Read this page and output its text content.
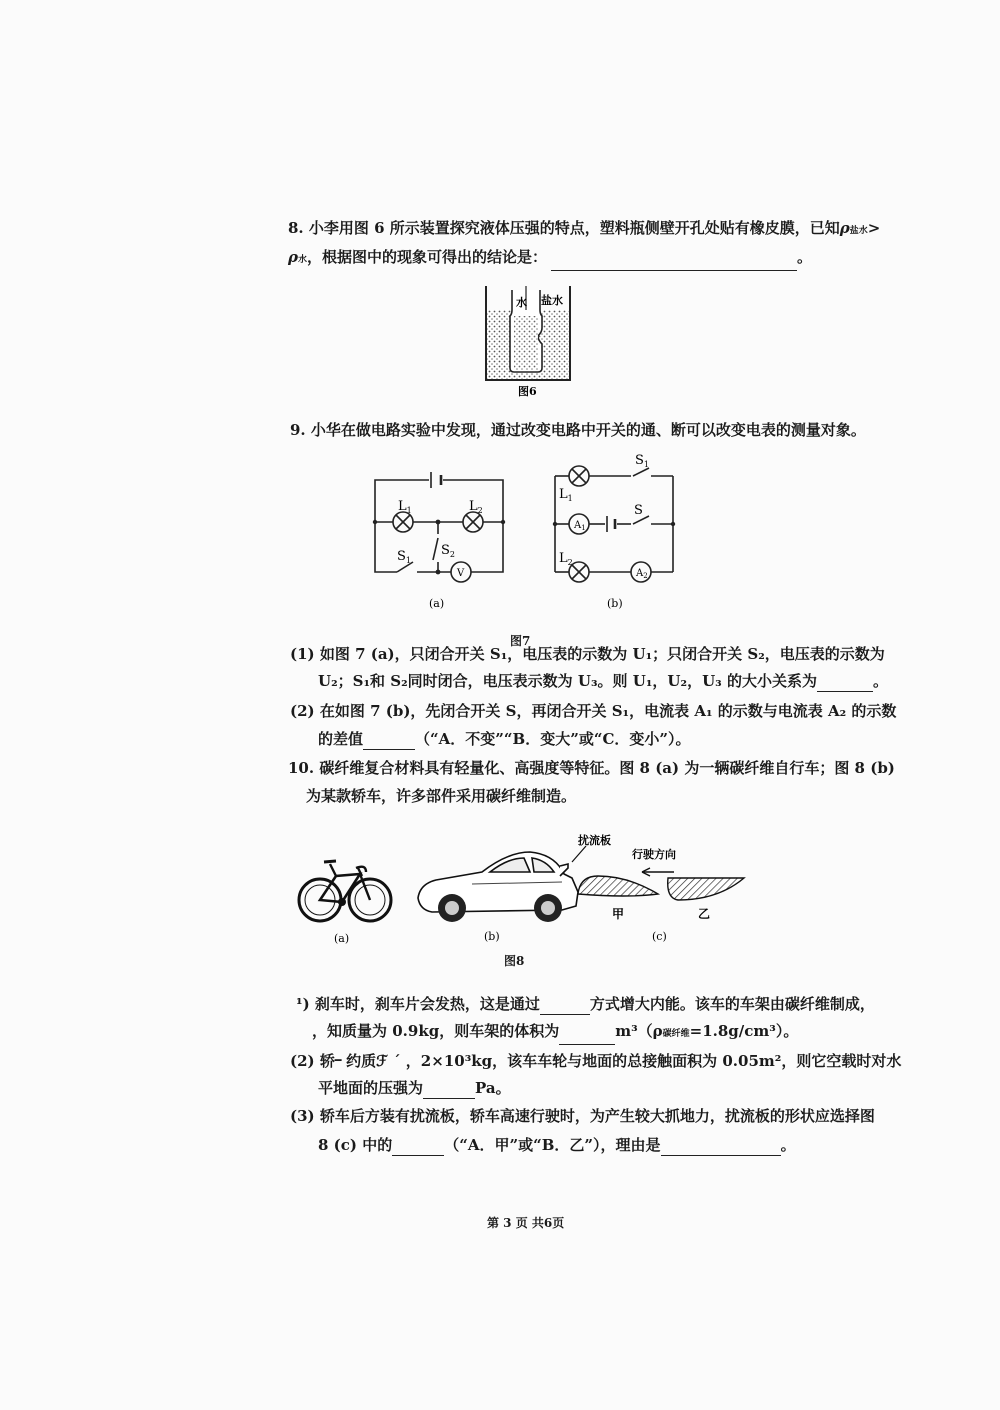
8. 小李用图 6 所示装置探究液体压强的特点，塑料瓶侧壁开孔处贴有橡皮膜，已知ρ盐水>
ρ水，根据图中的现象可得出的结论是：	。
水 盐水
图6
9. 小华在做电路实验中发现，通过改变电路中开关的通、断可以改变电表的测量对象。
$L_1$	$L_2$
$S_1$
$S_2$
V
(a)
$L_1$
$S_1$
S
$A_1$
$L_2$
$A_2$
(b)
图7
(1) 如图 7 (a)，只闭合开关 S₁，电压表的示数为 U₁；只闭合开关 S₂，电压表的示数为
U₂；S₁和 S₂同时闭合，电压表示数为 U₃。则 U₁，U₂，U₃ 的大小关系为	。
(2) 在如图 7 (b)，先闭合开关 S，再闭合开关 S₁，电流表 A₁ 的示数与电流表 A₂ 的示数
的差值	（“A．不变”“B．变大”或“C．变小”）。
10. 碳纤维复合材料具有轻量化、高强度等特征。图 8 (a) 为一辆碳纤维自行车；图 8 (b)
为某款轿车，许多部件采用碳纤维制造。
(a)
扰流板
(b)
行驶方向
甲	乙
(c)
图8
¹) 刹车时，刹车片会发热，这是通过	方式增大内能。该车的车架由碳纤维制成，
，知质量为 0.9kg，则车架的体积为	m³（ρ碳纤维=1.8g/cm³）。
(2) 轿᠆ 约质ℱ ˊ ，2×10³kg，该车车轮与地面的总接触面积为 0.05m²，则它空载时对水
平地面的压强为	Pa。
(3) 轿车后方装有扰流板，轿车高速行驶时，为产生较大抓地力，扰流板的形状应选择图
8 (c) 中的	（“A．甲”或“B．乙”），理由是	。
第 3 页 共6页
